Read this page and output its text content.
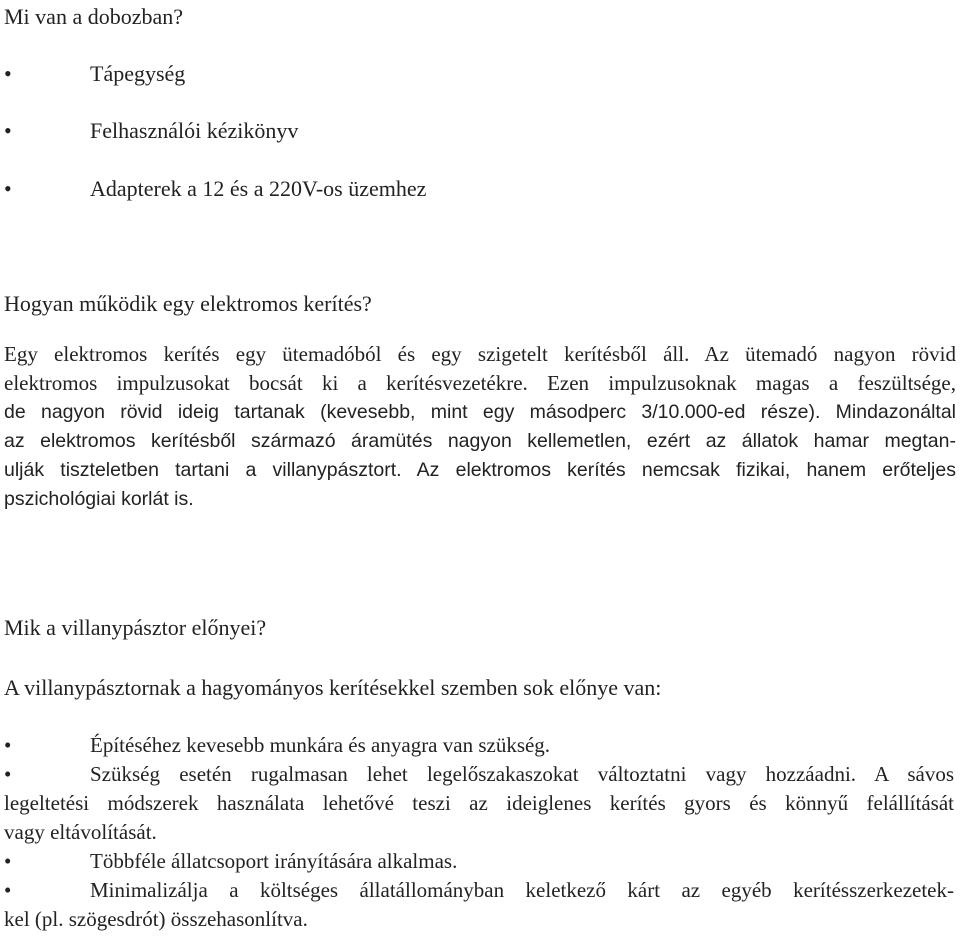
Mi van a dobozban?
•	Tápegység
•	Felhasználói kézikönyv
•	Adapterek a 12 és a 220V-os üzemhez
Hogyan működik egy elektromos kerítés?
Egy elektromos kerítés egy ütemadóból és egy szigetelt kerítésből áll. Az ütemadó nagyon rövid
elektromos impulzusokat bocsát ki a kerítésvezetékre. Ezen impulzusoknak magas a feszültsége,
de nagyon rövid ideig tartanak (kevesebb, mint egy másodperc 3/10.000-ed része). Mindazonáltal
az elektromos kerítésből származó áramütés nagyon kellemetlen, ezért az állatok hamar megtan-
ulják tiszteletben tartani a villanypásztort. Az elektromos kerítés nemcsak fizikai, hanem erőteljes
pszichológiai korlát is.
Mik a villanypásztor előnyei?
A villanypásztornak a hagyományos kerítésekkel szemben sok előnye van:
•	Építéséhez kevesebb munkára és anyagra van szükség.
•	Szükség esetén rugalmasan lehet legelőszakaszokat változtatni vagy hozzáadni. A sávos
legeltetési módszerek használata lehetővé teszi az ideiglenes kerítés gyors és könnyű felállítását
vagy eltávolítását.
•	Többféle állatcsoport irányítására alkalmas.
•	Minimalizálja a költséges állatállományban keletkező kárt az egyéb kerítésszerkezetek-
kel (pl. szögesdrót) összehasonlítva.
